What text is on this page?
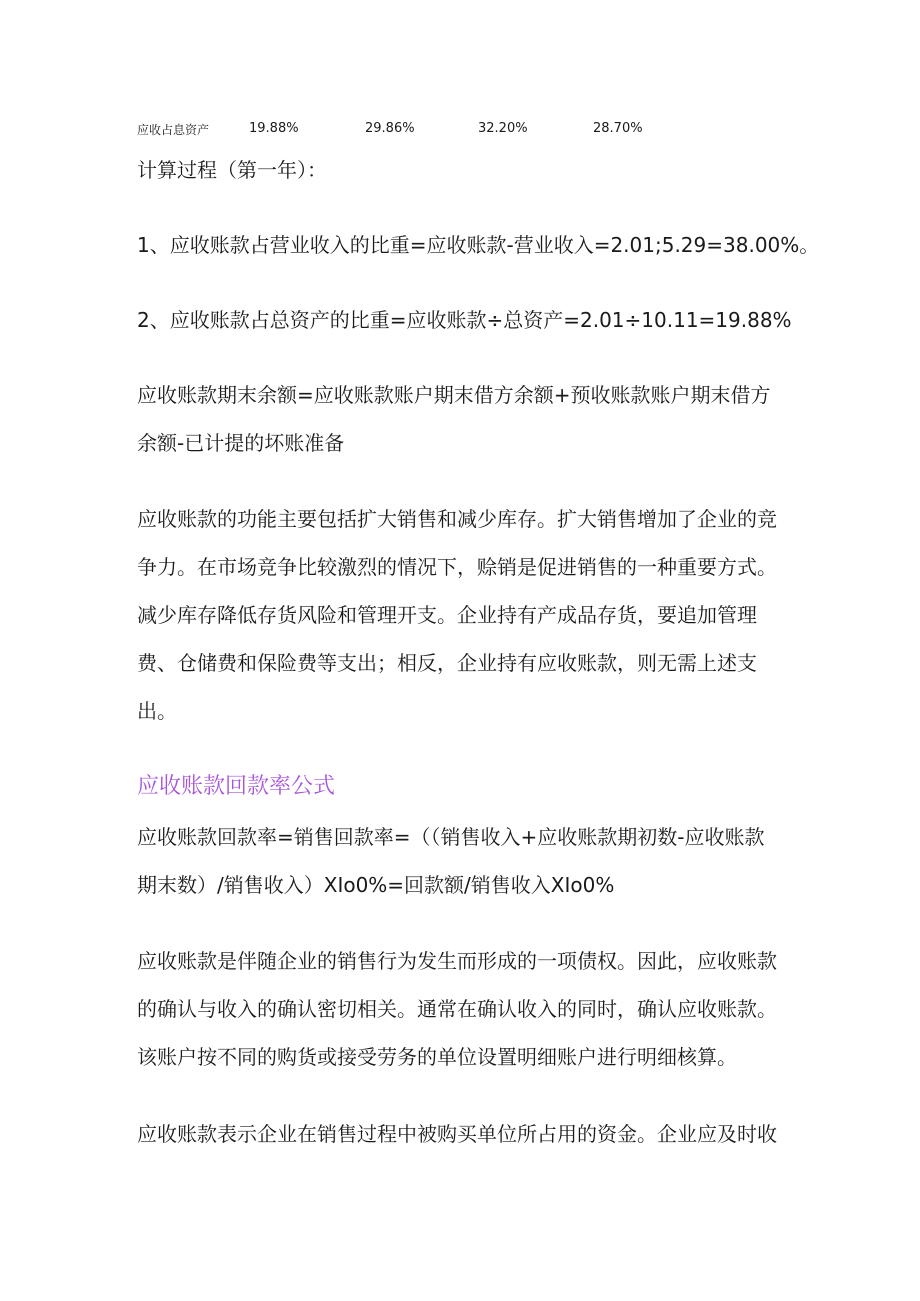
应收占息资产	19.88%	29.86%	32.20%	28.70%
计算过程（第一年）：
1、应收账款占营业收入的比重=应收账款-营业收入=2.01;5.29=38.00%。
2、应收账款占总资产的比重=应收账款÷总资产=2.01÷10.11=19.88%
应收账款期末余额=应收账款账户期末借方余额+预收账款账户期末借方
余额-已计提的坏账准备
应收账款的功能主要包括扩大销售和减少库存。扩大销售增加了企业的竞
争力。在市场竞争比较激烈的情况下，赊销是促进销售的一种重要方式。
减少库存降低存货风险和管理开支。企业持有产成品存货，要追加管理
费、仓储费和保险费等支出；相反，企业持有应收账款，则无需上述支
出。
应收账款回款率公式
应收账款回款率=销售回款率=（（销售收入+应收账款期初数-应收账款
期末数）/销售收入）XIo0%=回款额/销售收入XIo0%
应收账款是伴随企业的销售行为发生而形成的一项债权。因此，应收账款
的确认与收入的确认密切相关。通常在确认收入的同时，确认应收账款。
该账户按不同的购货或接受劳务的单位设置明细账户进行明细核算。
应收账款表示企业在销售过程中被购买单位所占用的资金。企业应及时收
